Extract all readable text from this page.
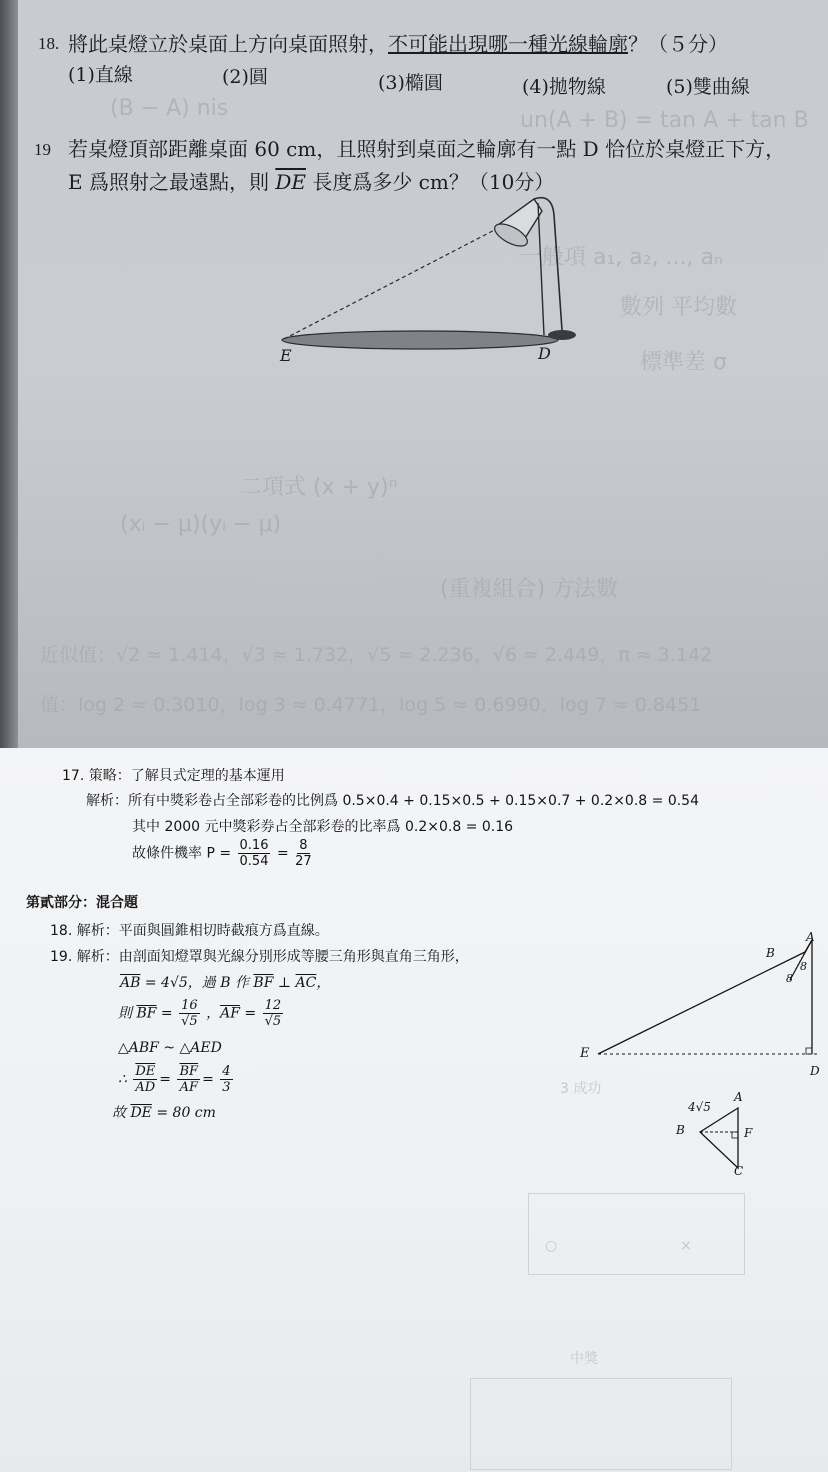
(B − A) nis	un(A + B) = tan A + tan B
一般項 a₁, a₂, ..., aₙ
數列 平均數
標準差 σ
二項式 (x + y)ⁿ
(xᵢ − μ)(yᵢ − μ)
(重複組合) 方法數
近似值：√2 ≈ 1.414，√3 ≈ 1.732，√5 ≈ 2.236，√6 ≈ 2.449，π ≈ 3.142
值：log 2 ≈ 0.3010，log 3 ≈ 0.4771，log 5 ≈ 0.6990，log 7 ≈ 0.8451
18. 將此桌燈立於桌面上方向桌面照射，不可能出現哪一種光線輪廓？（５分）
(1)直線	(2)圓	(3)橢圓	(4)拋物線	(5)雙曲線
19 若桌燈頂部距離桌面 60 cm，且照射到桌面之輪廓有一點 D 恰位於桌燈正下方，
E 爲照射之最遠點，則 $\overline{DE}$ 長度爲多少 cm？（10分）
E	D
3 成功
中獎
×
○
17. 策略：了解貝式定理的基本運用
解析：所有中獎彩卷占全部彩卷的比例爲 0.5×0.4 + 0.15×0.5 + 0.15×0.7 + 0.2×0.8 = 0.54
其中 2000 元中獎彩券占全部彩卷的比率爲 0.2×0.8 = 0.16
故條件機率 $P = \frac{0.16}{0.54} = \frac{8}{27}$
第貳部分：混合題
18. 解析：平面與圓錐相切時截痕方爲直線。
19. 解析：由剖面知燈罩與光線分別形成等腰三角形與直角三角形，
$\overline{AB} = 4√5$，過 B 作 $\overline{BF}$ ⊥ $\overline{AC}$，
則 $\overline{BF} = \frac{16}{√5}$ ，$\overline{AF} = \frac{12}{√5}$
△ABF ~ △AED
∴ $\frac{\overline{DE}}{AD} = \frac{\overline{BF}}{AF} = \frac{4}{3}$
故 $\overline{DE} = 80$ cm
A
B
8
8
E
D
4√5
A
B	F
C
